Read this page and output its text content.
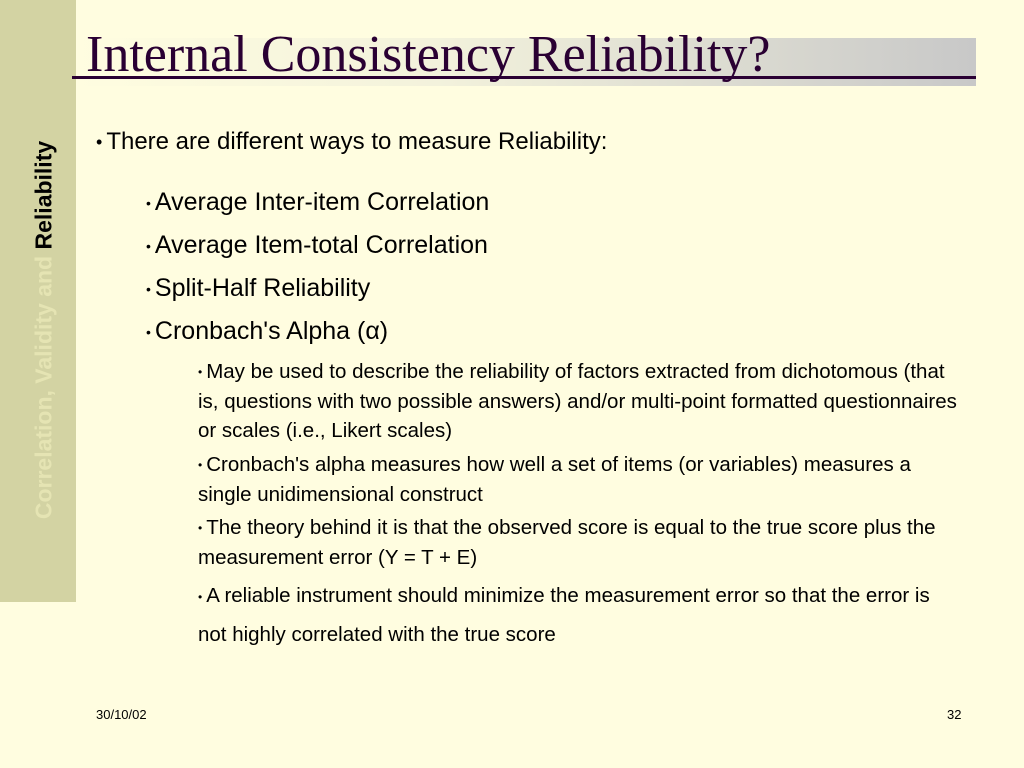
Correlation, Validity and Reliability
Internal Consistency Reliability?
• There are different ways to measure Reliability:
• Average Inter-item Correlation
• Average Item-total Correlation
• Split-Half Reliability
• Cronbach's Alpha (α)
• May be used to describe the reliability of factors extracted from dichotomous (that is, questions with two possible answers) and/or multi-point formatted questionnaires or scales (i.e., Likert scales)
• Cronbach's alpha measures how well a set of items (or variables) measures a single unidimensional construct
• The theory behind it is that the observed score is equal to the true score plus the measurement error (Y = T + E)
• A reliable instrument should minimize the measurement error so that the error is not highly correlated with the true score
30/10/02	32
